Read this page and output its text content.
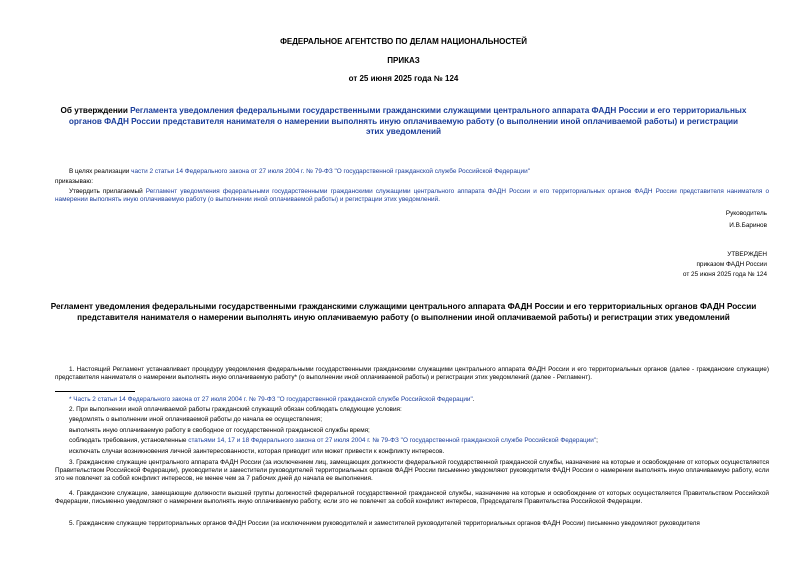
ФЕДЕРАЛЬНОЕ АГЕНТСТВО ПО ДЕЛАМ НАЦИОНАЛЬНОСТЕЙ
ПРИКАЗ
от 25 июня 2025 года № 124
Об утверждении Регламента уведомления федеральными государственными гражданскими служащими центрального аппарата ФАДН России и его территориальных органов ФАДН России представителя нанимателя о намерении выполнять иную оплачиваемую работу (о выполнении иной оплачиваемой работы) и регистрации этих уведомлений
В целях реализации части 2 статьи 14 Федерального закона от 27 июля 2004 г. № 79-ФЗ "О государственной гражданской службе Российской Федерации"
приказываю:
Утвердить прилагаемый Регламент уведомления федеральными государственными гражданскими служащими центрального аппарата ФАДН России и его территориальных органов ФАДН России представителя нанимателя о намерении выполнять иную оплачиваемую работу (о выполнении иной оплачиваемой работы) и регистрации этих уведомлений.
Руководитель
И.В.Баринов
УТВЕРЖДЕН
приказом ФАДН России
от 25 июня 2025 года № 124
Регламент уведомления федеральными государственными гражданскими служащими центрального аппарата ФАДН России и его территориальных органов ФАДН России представителя нанимателя о намерении выполнять иную оплачиваемую работу (о выполнении иной оплачиваемой работы) и регистрации этих уведомлений
1. Настоящий Регламент устанавливает процедуру уведомления федеральными государственными гражданскими служащими центрального аппарата ФАДН России и его территориальных органов (далее - гражданские служащие) представителя нанимателя о намерении выполнять иную оплачиваемую работу* (о выполнении иной оплачиваемой работы) и регистрации этих уведомлений (далее - Регламент).
* Часть 2 статьи 14 Федерального закона от 27 июля 2004 г. № 79-ФЗ "О государственной гражданской службе Российской Федерации".
2. При выполнении иной оплачиваемой работы гражданский служащий обязан соблюдать следующие условия:
уведомлять о выполнении иной оплачиваемой работы до начала ее осуществления;
выполнять иную оплачиваемую работу в свободное от государственной гражданской службы время;
соблюдать требования, установленные статьями 14, 17 и 18 Федерального закона от 27 июля 2004 г. № 79-ФЗ "О государственной гражданской службе Российской Федерации";
исключать случаи возникновения личной заинтересованности, которая приводит или может привести к конфликту интересов.
3. Гражданские служащие центрального аппарата ФАДН России (за исключением лиц, замещающих должности федеральной государственной гражданской службы, назначение на которые и освобождение от которых осуществляется Правительством Российской Федерации), руководители и заместители руководителей территориальных органов ФАДН России письменно уведомляют руководителя ФАДН России о намерении выполнять иную оплачиваемую работу, если это не повлечет за собой конфликт интересов, не менее чем за 7 рабочих дней до начала ее выполнения.
4. Гражданские служащие, замещающие должности высшей группы должностей федеральной государственной гражданской службы, назначение на которые и освобождение от которых осуществляется Правительством Российской Федерации, письменно уведомляют о намерении выполнять иную оплачиваемую работу, если это не повлечет за собой конфликт интересов, Председателя Правительства Российской Федерации.
5. Гражданские служащие территориальных органов ФАДН России (за исключением руководителей и заместителей руководителей территориальных органов ФАДН России) письменно уведомляют руководителя
